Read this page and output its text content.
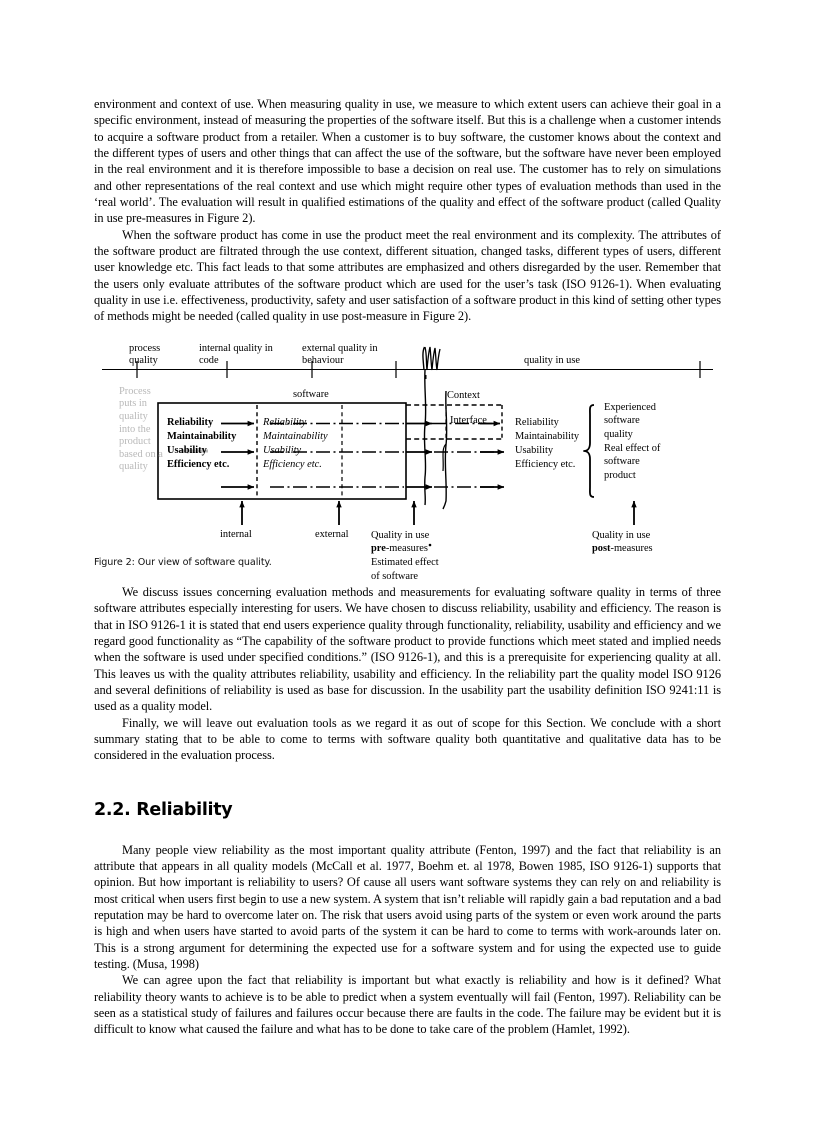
environment and context of use. When measuring quality in use, we measure to which extent users can achieve their goal in a specific environment, instead of measuring the properties of the software itself. But this is a challenge when a customer intends to acquire a software product from a retailer. When a customer is to buy software, the customer knows about the context and the different types of users and other things that can affect the use of the software, but the software have never been employed in the real environment and it is therefore impossible to base a decision on real use. The customer has to rely on simulations and other representations of the real context and use which might require other types of evaluation methods than used in the ‘real world’. The evaluation will result in qualified estimations of the quality and effect of the software product (called Quality in use pre-measures in Figure 2).

When the software product has come in use the product meet the real environment and its complexity. The attributes of the software product are filtrated through the use context, different situation, changed tasks, different types of users, different user knowledge etc. This fact leads to that some attributes are emphasized and others disregarded by the user. Remember that the users only evaluate attributes of the software product which are used for the user’s task (ISO 9126-1). When evaluating quality in use i.e. effectiveness, productivity, safety and user satisfaction of a software product in this kind of setting other types of methods might be needed (called quality in use post-measure in Figure 2).

process
quality
internal quality in
code
external quality in
behaviour	quality in use
Process
puts in
quality
into the
product
based on a
quality
software
Reliability
Maintainability
Usability
Efficiency etc.
Reliability
Maintainability
Usability
Efficiency etc.
Context
Interface	Reliability
Maintainability
Usability
Efficiency etc.
Experienced
software
quality
Real effect of
software
product
internal	external Quality in use
pre-measures
Estimated effect
of software
Quality in use
post-measures
Figure 2: Our view of software quality.

We discuss issues concerning evaluation methods and measurements for evaluating software quality in terms of three software attributes especially interesting for users. We have chosen to discuss reliability, usability and efficiency. The reason is that in ISO 9126-1 it is stated that end users experience quality through functionality, reliability, usability and efficiency and we regard good functionality as “The capability of the software product to provide functions which meet stated and implied needs when the software is used under specified conditions.” (ISO 9126-1), and this is a prerequisite for experiencing quality at all. This leaves us with the quality attributes reliability, usability and efficiency. In the reliability part the quality model ISO 9126 and several definitions of reliability is used as base for discussion. In the usability part the usability definition ISO 9241:11 is used as a quality model.

Finally, we will leave out evaluation tools as we regard it as out of scope for this Section. We conclude with a short summary stating that to be able to come to terms with software quality both quantitative and qualitative data has to be considered in the evaluation process.

2.2. Reliability

Many people view reliability as the most important quality attribute (Fenton, 1997) and the fact that reliability is an attribute that appears in all quality models (McCall et al. 1977, Boehm et. al 1978, Bowen 1985, ISO 9126-1) supports that opinion. But how important is reliability to users? Of cause all users want software systems they can rely on and reliability is most critical when users first begin to use a new system. A system that isn’t reliable will rapidly gain a bad reputation and a bad reputation may be hard to overcome later on. The risk that users avoid using parts of the system or even work around the parts is high and when users have started to avoid parts of the system it can be hard to come to terms with work-arounds later on. This is a strong argument for determining the expected use for a software system and for using the expected use to guide testing. (Musa, 1998)

We can agree upon the fact that reliability is important but what exactly is reliability and how is it defined? What reliability theory wants to achieve is to be able to predict when a system eventually will fail (Fenton, 1997). Reliability can be seen as a statistical study of failures and failures occur because there are faults in the code. The failure may be evident but it is difficult to know what caused the failure and what has to be done to take care of the problem (Hamlet, 1992).
